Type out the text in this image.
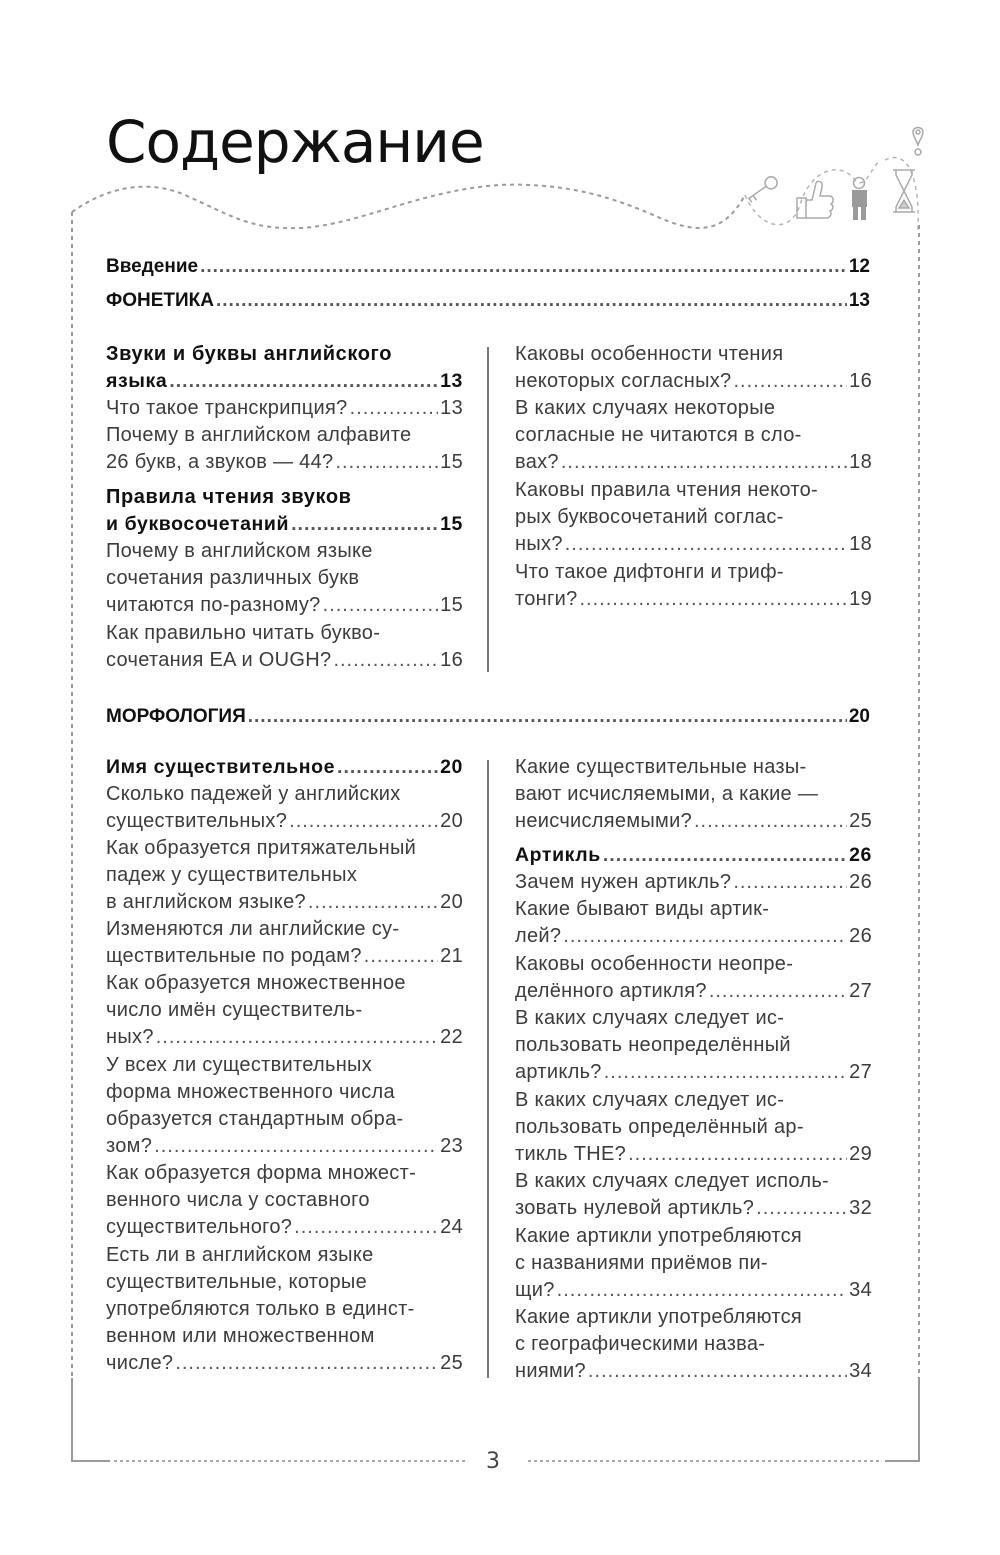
Содержание
Введение .....	12
ФОНЕТИКА .....	13
Звуки и буквы английского
языка .....	13
Что такое транскрипция? .....	13
Почему в английском алфавите
26 букв, а звуков — 44? .....	15
Правила чтения звуков
и буквосочетаний .....	15
Почему в английском языке
сочетания различных букв
читаются по-разному? .....	15
Как правильно читать букво-
сочетания EA и OUGH? .....	16
Каковы особенности чтения
некоторых согласных? .....	16
В каких случаях некоторые
согласные не читаются в сло-
вах? .....	18
Каковы правила чтения некото-
рых буквосочетаний соглас-
ных? .....	18
Что такое дифтонги и триф-
тонги? .....	19
МОРФОЛОГИЯ .....	20
Имя существительное .....	20
Сколько падежей у английских
существительных? .....	20
Как образуется притяжательный
падеж у существительных
в английском языке? .....	20
Изменяются ли английские су-
ществительные по родам? .....	21
Как образуется множественное
число имён существитель-
ных? .....	22
У всех ли существительных
форма множественного числа
образуется стандартным обра-
зом? .....	23
Как образуется форма множест-
венного числа у составного
существительного? .....	24
Есть ли в английском языке
существительные, которые
употребляются только в единст-
венном или множественном
числе? .....	25
Какие существительные назы-
вают исчисляемыми, а какие —
неисчисляемыми? .....	25
Артикль .....	26
Зачем нужен артикль? .....	26
Какие бывают виды артик-
лей? .....	26
Каковы особенности неопре-
делённого артикля? .....	27
В каких случаях следует ис-
пользовать неопределённый
артикль? .....	27
В каких случаях следует ис-
пользовать определённый ар-
тикль THE? .....	29
В каких случаях следует исполь-
зовать нулевой артикль? .....	32
Какие артикли употребляются
с названиями приёмов пи-
щи? .....	34
Какие артикли употребляются
с географическими назва-
ниями? .....	34
3
